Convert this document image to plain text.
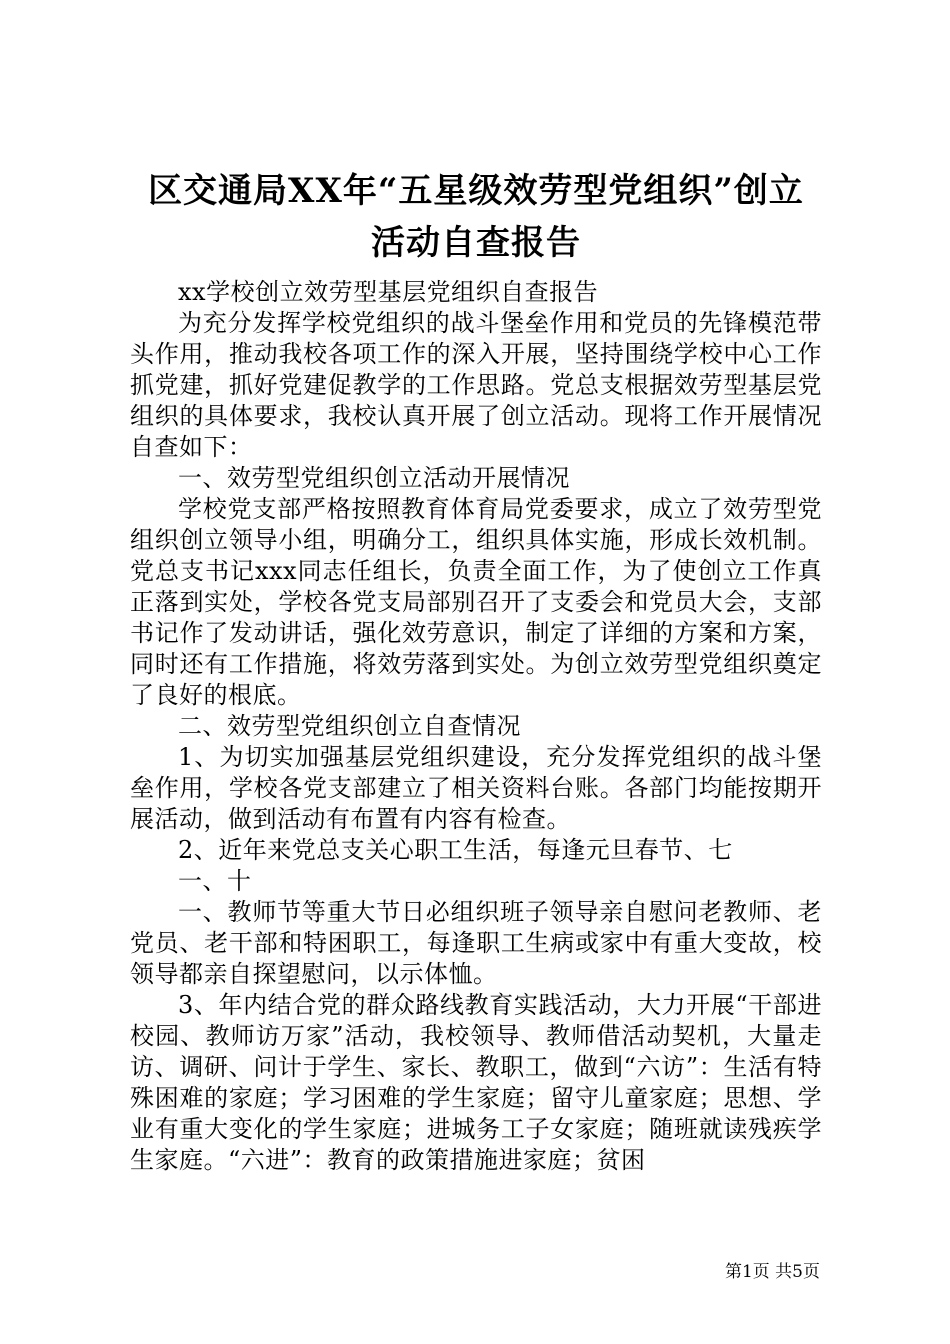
区交通局XX年“五星级效劳型党组织”创立
活动自查报告

xx学校创立效劳型基层党组织自查报告

为充分发挥学校党组织的战斗堡垒作用和党员的先锋模范带头作用，推动我校各项工作的深入开展，坚持围绕学校中心工作抓党建，抓好党建促教学的工作思路。党总支根据效劳型基层党组织的具体要求，我校认真开展了创立活动。现将工作开展情况自查如下：

一、效劳型党组织创立活动开展情况

学校党支部严格按照教育体育局党委要求，成立了效劳型党组织创立领导小组，明确分工，组织具体实施，形成长效机制。党总支书记xxx同志任组长，负责全面工作，为了使创立工作真正落到实处，学校各党支局部别召开了支委会和党员大会，支部书记作了发动讲话，强化效劳意识，制定了详细的方案和方案，同时还有工作措施，将效劳落到实处。为创立效劳型党组织奠定了良好的根底。

二、效劳型党组织创立自查情况

1、为切实加强基层党组织建设，充分发挥党组织的战斗堡垒作用，学校各党支部建立了相关资料台账。各部门均能按期开展活动，做到活动有布置有内容有检查。

2、近年来党总支关心职工生活，每逢元旦春节、七

一、十

一、教师节等重大节日必组织班子领导亲自慰问老教师、老党员、老干部和特困职工，每逢职工生病或家中有重大变故，校领导都亲自探望慰问，以示体恤。

3、年内结合党的群众路线教育实践活动，大力开展“干部进校园、教师访万家”活动，我校领导、教师借活动契机，大量走访、调研、问计于学生、家长、教职工，做到“六访”：生活有特殊困难的家庭；学习困难的学生家庭；留守儿童家庭；思想、学业有重大变化的学生家庭；进城务工子女家庭；随班就读残疾学生家庭。“六进”：教育的政策措施进家庭；贫困

第1页 共5页
